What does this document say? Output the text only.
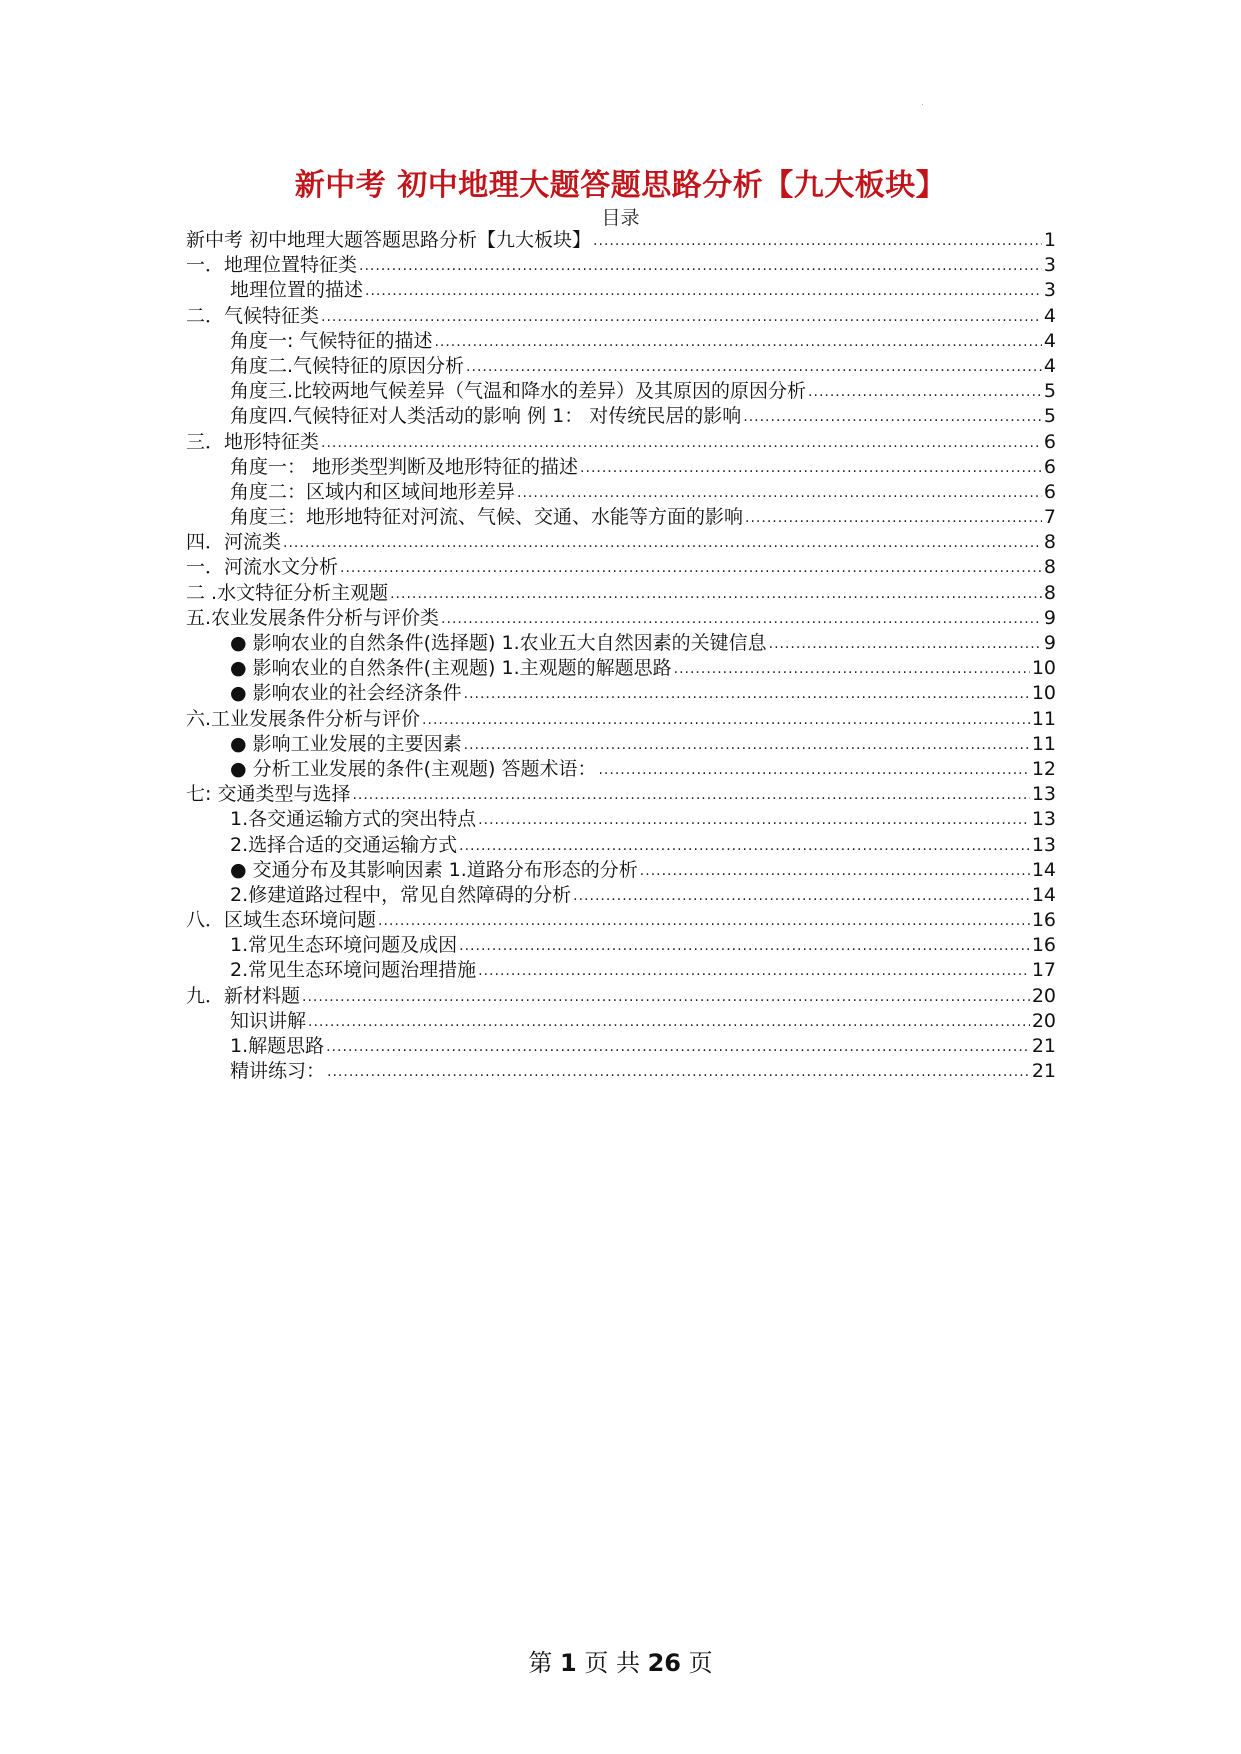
·
新中考 初中地理大题答题思路分析【九大板块】
目录
新中考 初中地理大题答题思路分析【九大板块】 .....	1
一．地理位置特征类 .....	3
地理位置的描述 .....	3
二．气候特征类 .....	4
角度一: 气候特征的描述 .....	4
角度二.气候特征的原因分析 .....	4
角度三.比较两地气候差异（气温和降水的差异）及其原因的原因分析 .....	5
角度四.气候特征对人类活动的影响 例 1： 对传统民居的影响 .....	5
三．地形特征类 .....	6
角度一： 地形类型判断及地形特征的描述 .....	6
角度二：区域内和区域间地形差异 .....	6
角度三：地形地特征对河流、气候、交通、水能等方面的影响 .....	7
四．河流类 .....	8
一．河流水文分析 .....	8
二 .水文特征分析主观题 .....	8
五.农业发展条件分析与评价类 .....	9
● 影响农业的自然条件(选择题) 1.农业五大自然因素的关键信息 .....	9
● 影响农业的自然条件(主观题) 1.主观题的解题思路 .....	10
● 影响农业的社会经济条件 .....	10
六.工业发展条件分析与评价 .....	11
● 影响工业发展的主要因素 .....	11
● 分析工业发展的条件(主观题) 答题术语： .....	12
七: 交通类型与选择 .....	13
1.各交通运输方式的突出特点 .....	13
2.选择合适的交通运输方式 .....	13
● 交通分布及其影响因素 1.道路分布形态的分析 .....	14
2.修建道路过程中，常见自然障碍的分析 .....	14
八．区域生态环境问题 .....	16
1.常见生态环境问题及成因 .....	16
2.常见生态环境问题治理措施 .....	17
九．新材料题 .....	20
知识讲解 .....	20
1.解题思路 .....	21
精讲练习： .....	21
第 1 页 共 26 页
